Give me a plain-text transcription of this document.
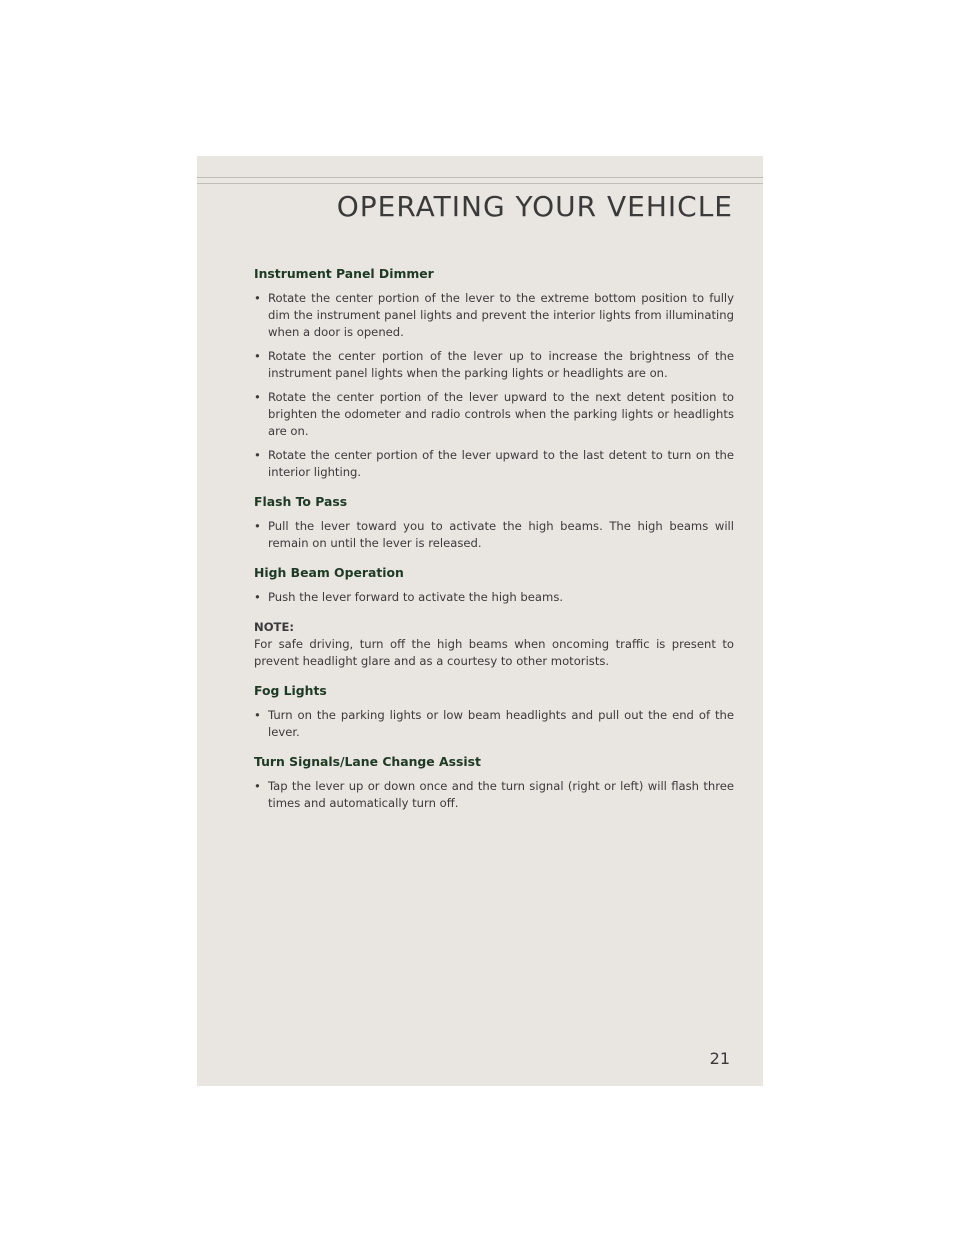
OPERATING YOUR VEHICLE
Instrument Panel Dimmer
• Rotate the center portion of the lever to the extreme bottom position to fully dim the instrument panel lights and prevent the interior lights from illuminating when a door is opened.
• Rotate the center portion of the lever up to increase the brightness of the instrument panel lights when the parking lights or headlights are on.
• Rotate the center portion of the lever upward to the next detent position to brighten the odometer and radio controls when the parking lights or headlights are on.
• Rotate the center portion of the lever upward to the last detent to turn on the interior lighting.
Flash To Pass
• Pull the lever toward you to activate the high beams. The high beams will remain on until the lever is released.
High Beam Operation
• Push the lever forward to activate the high beams.

NOTE:

For safe driving, turn off the high beams when oncoming traffic is present to prevent headlight glare and as a courtesy to other motorists.

Fog Lights
• Turn on the parking lights or low beam headlights and pull out the end of the lever.
Turn Signals/Lane Change Assist
• Tap the lever up or down once and the turn signal (right or left) will flash three times and automatically turn off.
21
